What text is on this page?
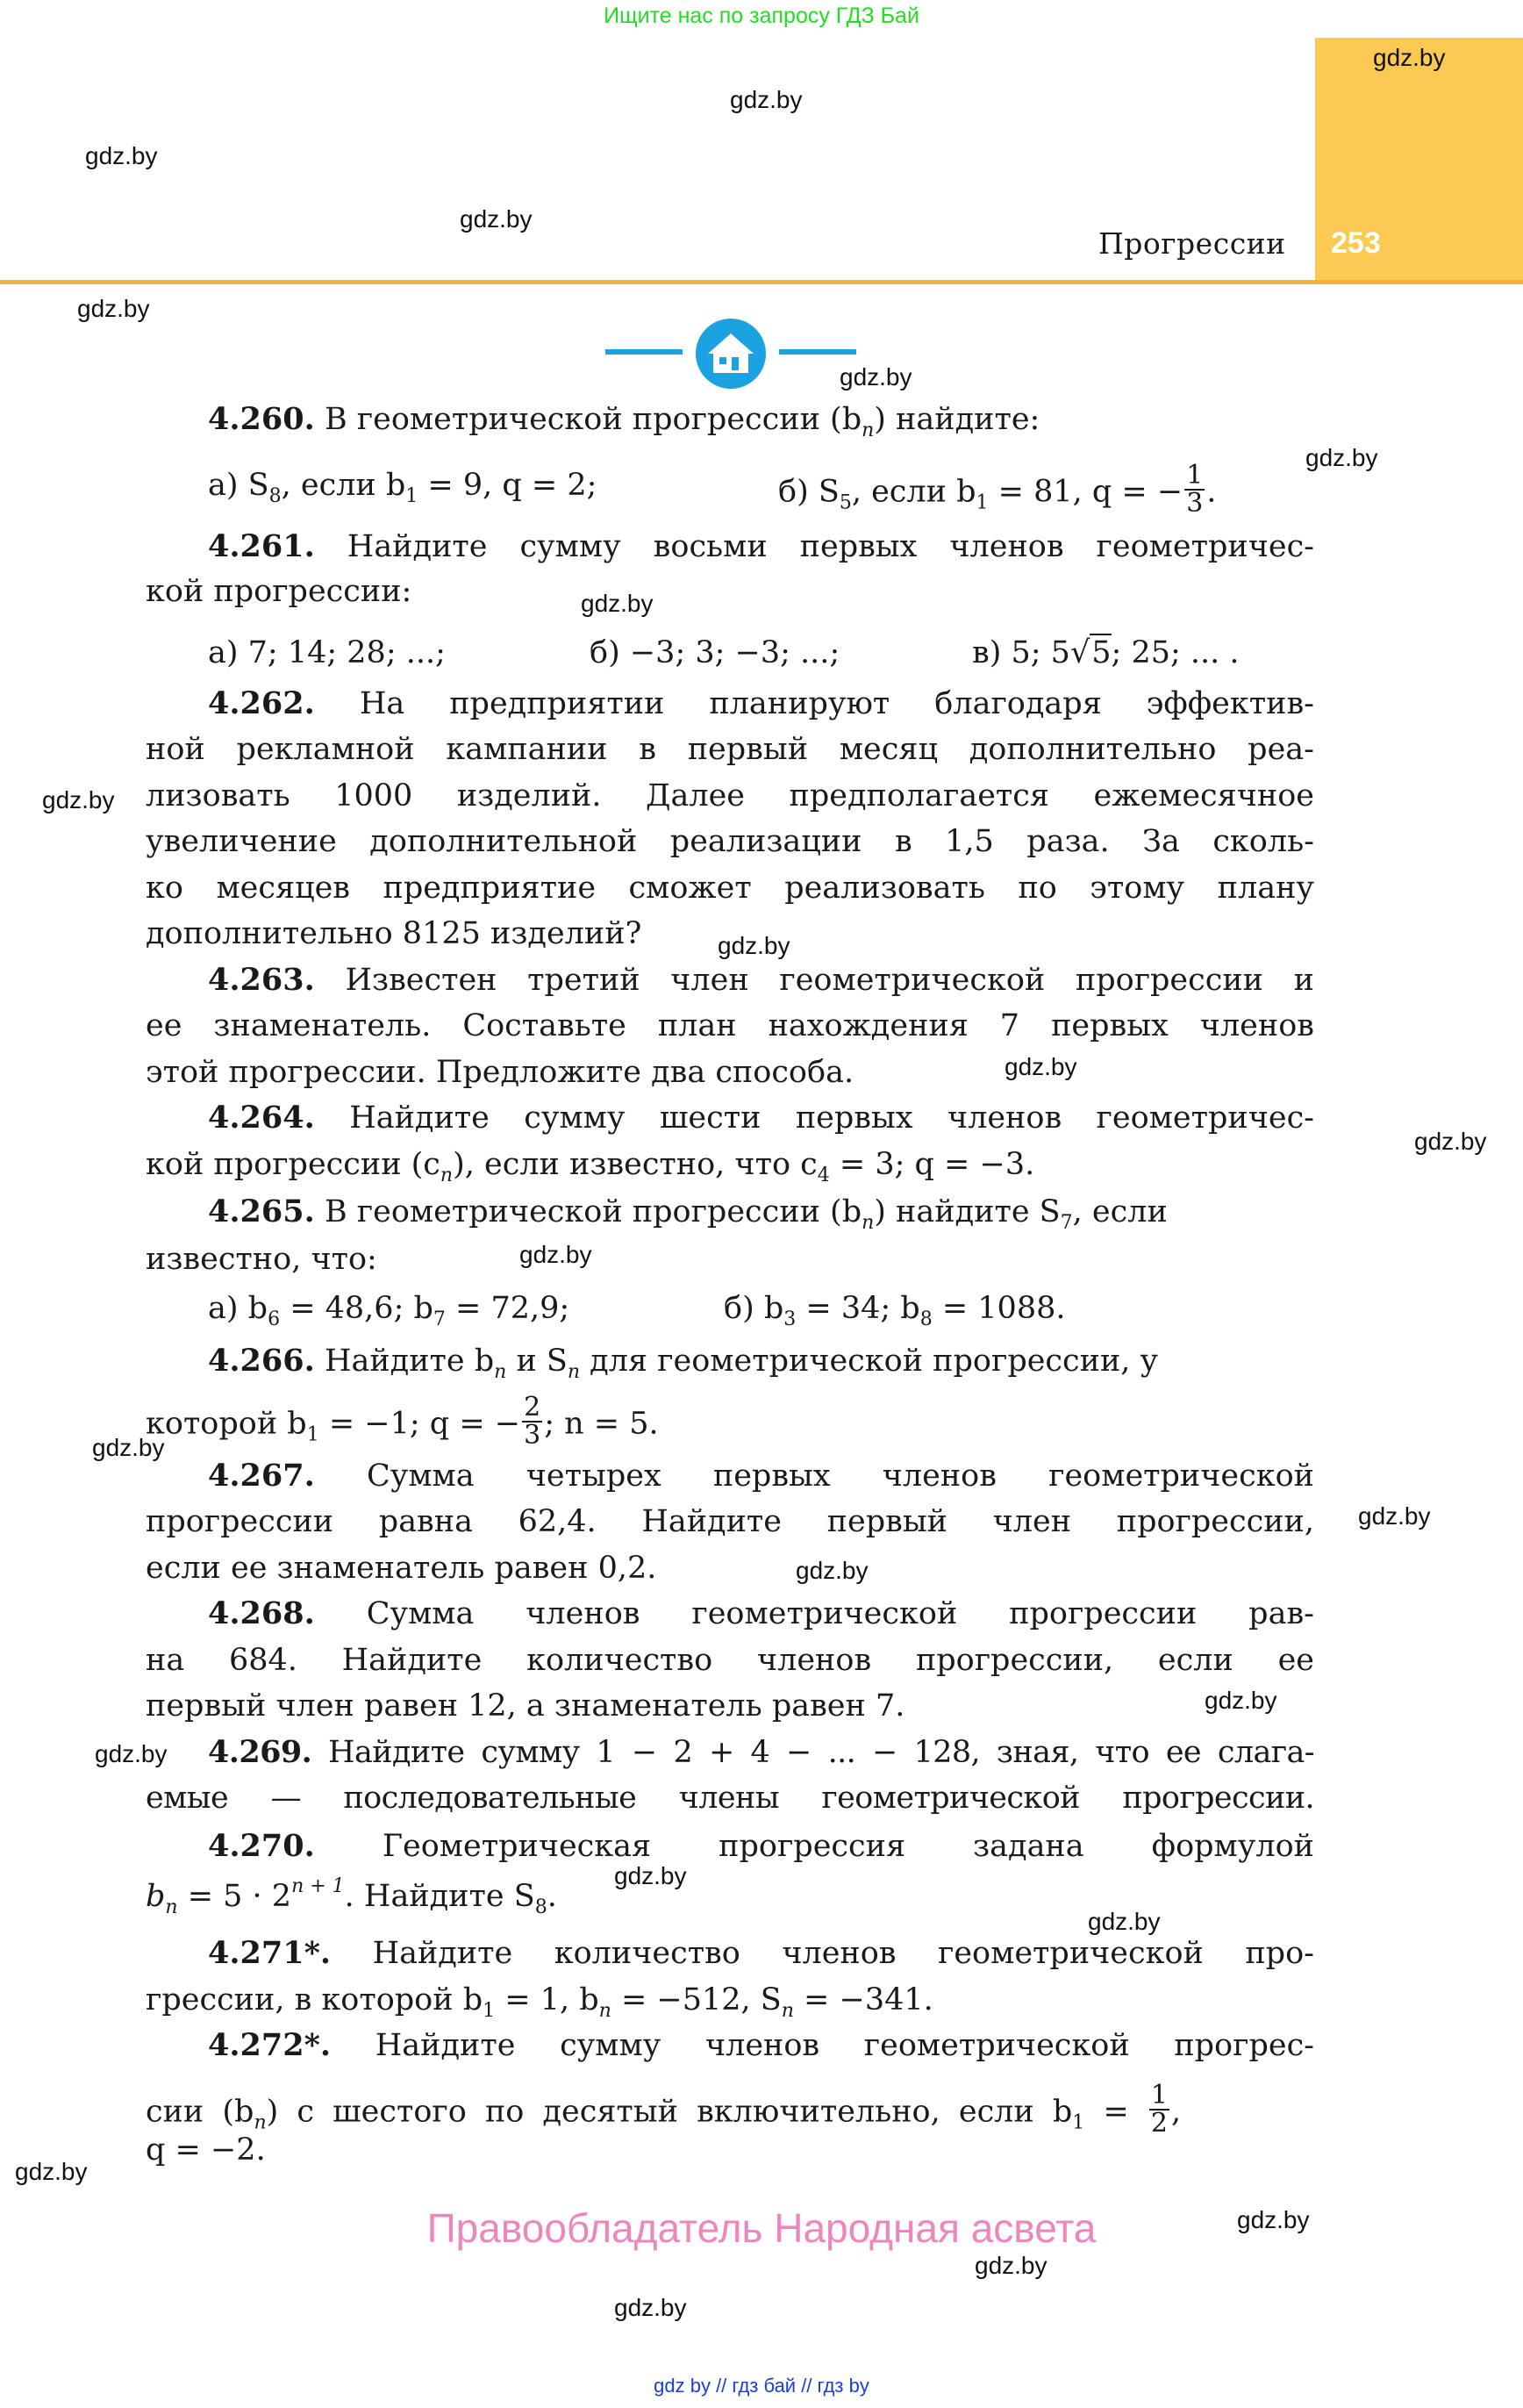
Ищите нас по запросу ГДЗ Бай
Прогрессии 253
4.260. В геометрической прогрессии $(b_n)$ найдите:
а) $S_8$, если $b_1 = 9$, q = 2;	б) $S_5$, если $b_1 = 81$, q = − $\frac{1}{3}$ .
4.261. Найдите сумму восьми первых членов геометричес-
кой прогрессии:
а) 7; 14; 28; ...;	б) −3; 3; −3; ...;	в) 5; 5√5; 25; ... .
4.262. На предприятии планируют благодаря эффектив-
ной рекламной кампании в первый месяц дополнительно реа-
лизовать 1000 изделий. Далее предполагается ежемесячное
увеличение дополнительной реализации в 1,5 раза. За сколь-
ко месяцев предприятие сможет реализовать по этому плану
дополнительно 8125 изделий?
4.263. Известен третий член геометрической прогрессии и
ее знаменатель. Составьте план нахождения 7 первых членов
этой прогрессии. Предложите два способа.
4.264. Найдите сумму шести первых членов геометричес-
кой прогрессии $(c_n)$, если известно, что $c_4 = 3$; q = −3.
4.265. В геометрической прогрессии $(b_n)$ найдите $S_7$, если
известно, что:
а) $b_6 = 48,6$; $b_7 = 72,9$;	б) $b_3 = 34$; $b_8 = 1088$.
4.266. Найдите $b_n$ и $S_n$ для геометрической прогрессии, у
которой $b_1 = -1$; q = − $\frac{2}{3}$ ; n = 5.
4.267. Сумма четырех первых членов геометрической
прогрессии равна 62,4. Найдите первый член прогрессии,
если ее знаменатель равен 0,2.
4.268. Сумма членов геометрической прогрессии рав-
на 684. Найдите количество членов прогрессии, если ее
первый член равен 12, а знаменатель равен 7.
4.269. Найдите сумму 1 − 2 + 4 − ... − 128, зная, что ее слага-
емые — последовательные члены геометрической прогрессии.
4.270. Геометрическая прогрессия задана формулой
$b_n = 5 \cdot 2^{n + 1}$. Найдите $S_8$.
4.271*. Найдите количество членов геометрической про-
грессии, в которой $b_1 = 1$, $b_n = -512$, $S_n = -341$.
4.272*. Найдите сумму членов геометрической прогрес-
сии $(b_n)$ с шестого по десятый включительно, если $b_1 = \frac{1}{2}$ ,
q = −2.
Правообладатель Народная асвета
gdz by // гдз бай // гдз by
gdz.by
gdz.by
gdz.by
gdz.by
gdz.by
gdz.by
gdz.by
gdz.by
gdz.by
gdz.by
gdz.by
gdz.by
gdz.by
gdz.by
gdz.by
gdz.by
gdz.by
gdz.by
gdz.by
gdz.by
gdz.by
gdz.by
gdz.by
gdz.by
